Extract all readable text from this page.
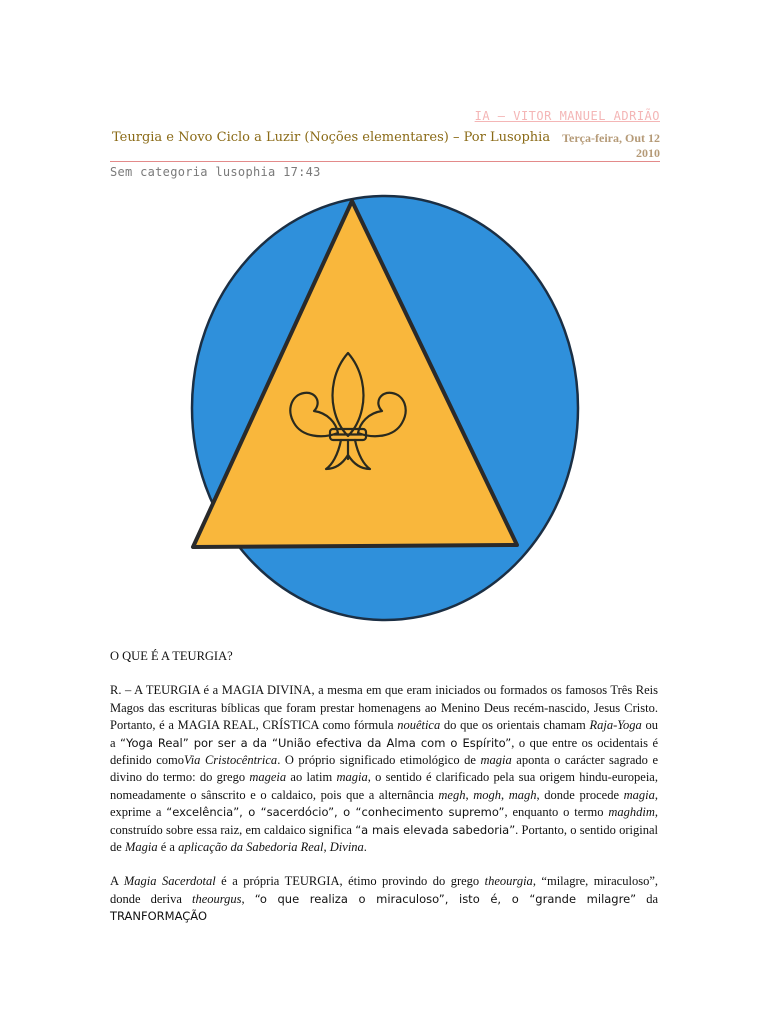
IA – VITOR MANUEL ADRIÃO
Teurgia e Novo Ciclo a Luzir (Noções elementares) – Por Lusophia	Terça-feira, Out 12
2010
Sem categoria lusophia 17:43

O QUE É A TEURGIA?

R. – A TEURGIA é a MAGIA DIVINA, a mesma em que eram iniciados ou formados os famosos Três Reis Magos das escrituras bíblicas que foram prestar homenagens ao Menino Deus recém-nascido, Jesus Cristo. Portanto, é a MAGIA REAL, CRÍSTICA como fórmula nouêtica do que os orientais chamam Raja-Yoga ou a “Yoga Real” por ser a da “União efectiva da Alma com o Espírito”, o que entre os ocidentais é definido comoVia Cristocêntrica. O próprio significado etimológico de magia aponta o carácter sagrado e divino do termo: do grego mageia ao latim magia, o sentido é clarificado pela sua origem hindu-europeia, nomeadamente o sânscrito e o caldaico, pois que a alternância megh, mogh, magh, donde procede magia, exprime a “excelência”, o “sacerdócio”, o “conhecimento supremo”, enquanto o termo maghdim, construído sobre essa raiz, em caldaico significa “a mais elevada sabedoria”. Portanto, o sentido original de Magia é a aplicação da Sabedoria Real, Divina.

A Magia Sacerdotal é a própria TEURGIA, étimo provindo do grego theourgia, “milagre, miraculoso”, donde deriva theourgus, “o que realiza o miraculoso”, isto é, o “grande milagre” da TRANFORMAÇÃO
